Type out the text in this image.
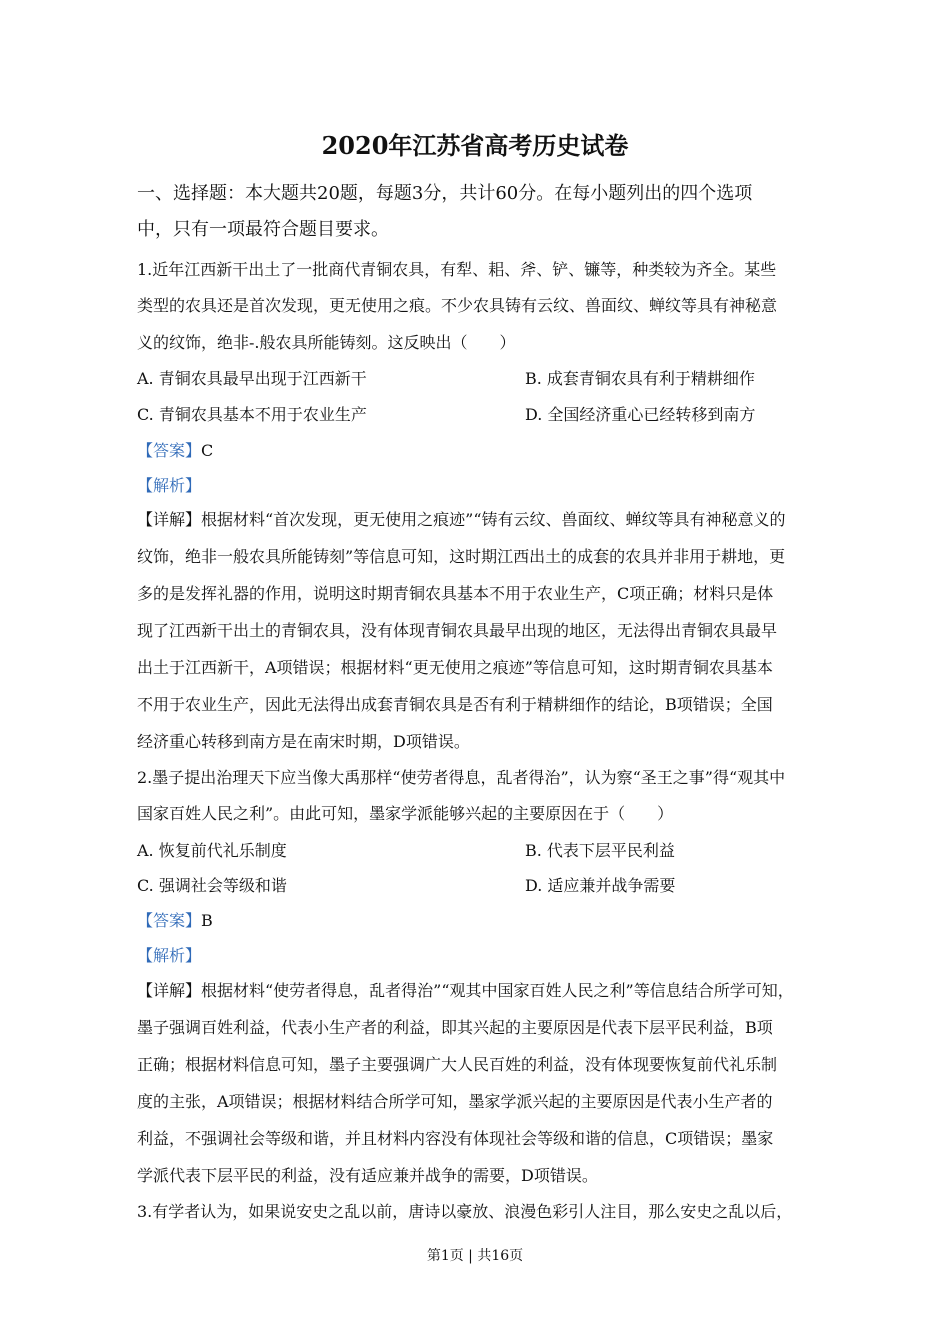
2020年江苏省高考历史试卷
一、选择题：本大题共20题，每题3分，共计60分。在每小题列出的四个选项
中，只有一项最符合题目要求。
1.近年江西新干出土了一批商代青铜农具，有犁、耜、斧、铲、镰等，种类较为齐全。某些
类型的农具还是首次发现，更无使用之痕。不少农具铸有云纹、兽面纹、蝉纹等具有神秘意
义的纹饰，绝非-.般农具所能铸刻。这反映出（　　）
A. 青铜农具最早出现于江西新干	B. 成套青铜农具有利于精耕细作
C. 青铜农具基本不用于农业生产	D. 全国经济重心已经转移到南方
【答案】C
【解析】
【详解】根据材料“首次发现，更无使用之痕迹”“铸有云纹、兽面纹、蝉纹等具有神秘意义的
纹饰，绝非一般农具所能铸刻”等信息可知，这时期江西出土的成套的农具并非用于耕地，更
多的是发挥礼器的作用，说明这时期青铜农具基本不用于农业生产，C项正确；材料只是体
现了江西新干出土的青铜农具，没有体现青铜农具最早出现的地区，无法得出青铜农具最早
出土于江西新干，A项错误；根据材料“更无使用之痕迹”等信息可知，这时期青铜农具基本
不用于农业生产，因此无法得出成套青铜农具是否有利于精耕细作的结论，B项错误；全国
经济重心转移到南方是在南宋时期，D项错误。
2.墨子提出治理天下应当像大禹那样“使劳者得息，乱者得治”，认为察“圣王之事”得“观其中
国家百姓人民之利”。由此可知，墨家学派能够兴起的主要原因在于（　　）
A. 恢复前代礼乐制度	B. 代表下层平民利益
C. 强调社会等级和谐	D. 适应兼并战争需要
【答案】B
【解析】
【详解】根据材料“使劳者得息，乱者得治”“观其中国家百姓人民之利”等信息结合所学可知，
墨子强调百姓利益，代表小生产者的利益，即其兴起的主要原因是代表下层平民利益，B项
正确；根据材料信息可知，墨子主要强调广大人民百姓的利益，没有体现要恢复前代礼乐制
度的主张，A项错误；根据材料结合所学可知，墨家学派兴起的主要原因是代表小生产者的
利益，不强调社会等级和谐，并且材料内容没有体现社会等级和谐的信息，C项错误；墨家
学派代表下层平民的利益，没有适应兼并战争的需要，D项错误。
3.有学者认为，如果说安史之乱以前，唐诗以豪放、浪漫色彩引人注目，那么安史之乱以后，
第1页 | 共16页
